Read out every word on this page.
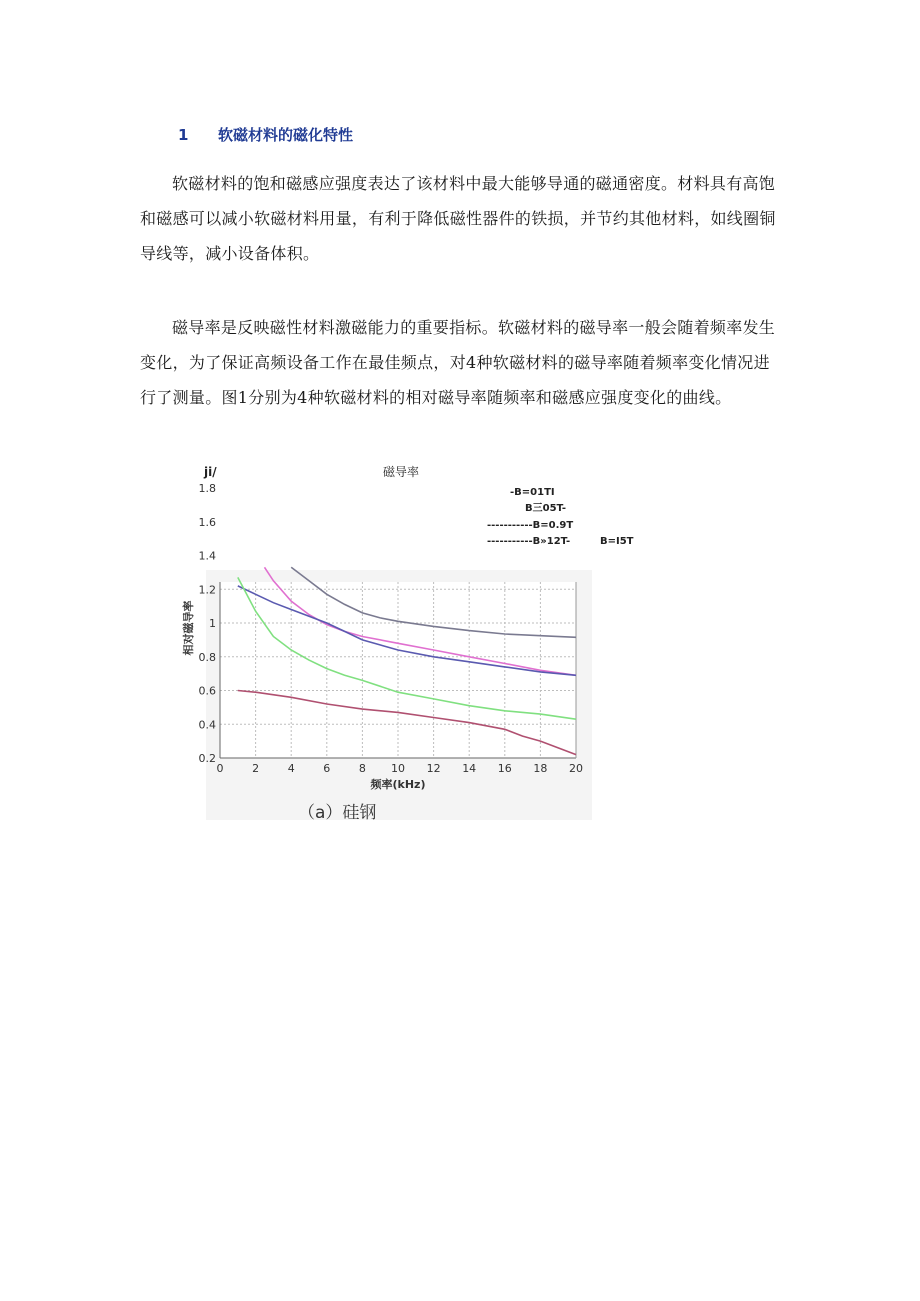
1 软磁材料的磁化特性

软磁材料的饱和磁感应强度表达了该材料中最大能够导通的磁通密度。材料具有高饱和磁感可以减小软磁材料用量，有利于降低磁性器件的铁损，并节约其他材料，如线圈铜导线等，减小设备体积。

磁导率是反映磁性材料激磁能力的重要指标。软磁材料的磁导率一般会随着频率发生变化，为了保证高频设备工作在最佳频点，对4种软磁材料的磁导率随着频率变化情况进行了测量。图1分别为4种软磁材料的相对磁导率随频率和磁感应强度变化的曲线。

0	2	4	6	8 10 12 14 16 18 20
0.2
0.4
0.6
0.8
1
1.2
1.4
1.6
1.8
ji/	磁导率
频率(kHz)
相对磁导率
-B=01TI
B三05T-
-----------B=0.9T
-----------B»12T-	B=I5T
（a）硅钢
